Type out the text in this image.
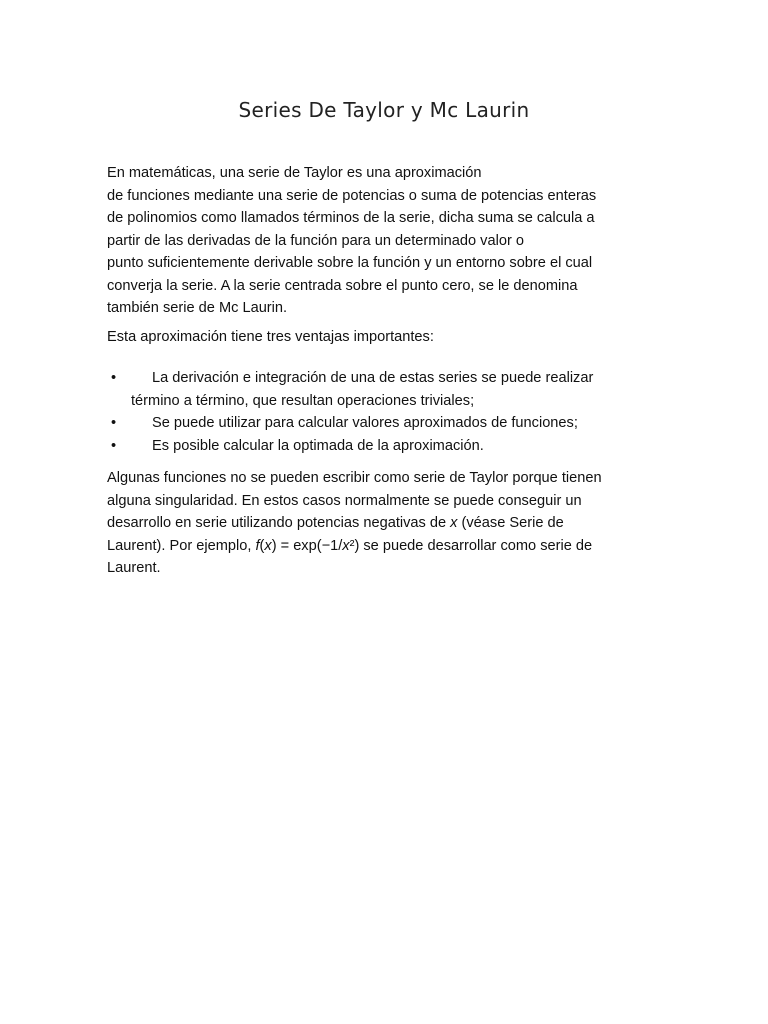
Series De Taylor y Mc Laurin
En matemáticas, una serie de Taylor es una aproximación
de funciones mediante una serie de potencias o suma de potencias enteras
de polinomios como llamados términos de la serie, dicha suma se calcula a
partir de las derivadas de la función para un determinado valor o
punto suficientemente derivable sobre la función y un entorno sobre el cual
converja la serie. A la serie centrada sobre el punto cero, se le denomina
también serie de Mc Laurin.
Esta aproximación tiene tres ventajas importantes:
•	La derivación e integración de una de estas series se puede realizar
término a término, que resultan operaciones triviales;
•	Se puede utilizar para calcular valores aproximados de funciones;
•	Es posible calcular la optimada de la aproximación.
Algunas funciones no se pueden escribir como serie de Taylor porque tienen
alguna singularidad. En estos casos normalmente se puede conseguir un
desarrollo en serie utilizando potencias negativas de x (véase Serie de
Laurent). Por ejemplo, f(x) = exp(−1/x²) se puede desarrollar como serie de
Laurent.
